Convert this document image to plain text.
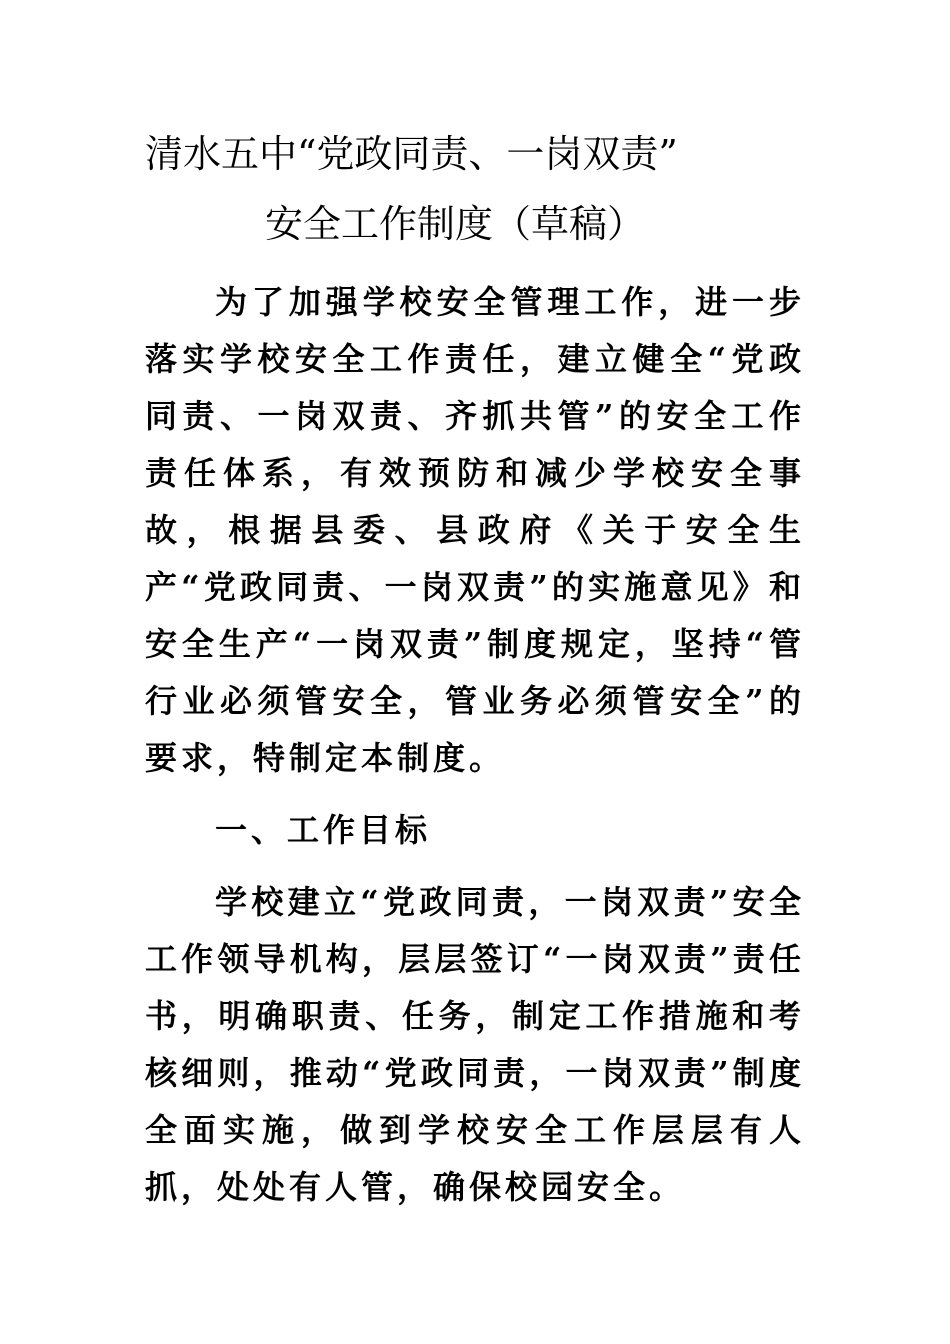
清水五中“党政同责、一岗双责”
安全工作制度（草稿）

为了加强学校安全管理工作，进一步落实学校安全工作责任，建立健全“党政同责、一岗双责、齐抓共管”的安全工作责任体系，有效预防和减少学校安全事故，根据县委、县政府《关于安全生产“党政同责、一岗双责”的实施意见》和安全生产“一岗双责”制度规定，坚持“管行业必须管安全，管业务必须管安全”的要求，特制定本制度。

一、工作目标

学校建立“党政同责，一岗双责”安全工作领导机构，层层签订“一岗双责”责任书，明确职责、任务，制定工作措施和考核细则，推动“党政同责，一岗双责”制度全面实施，做到学校安全工作层层有人抓，处处有人管，确保校园安全。
